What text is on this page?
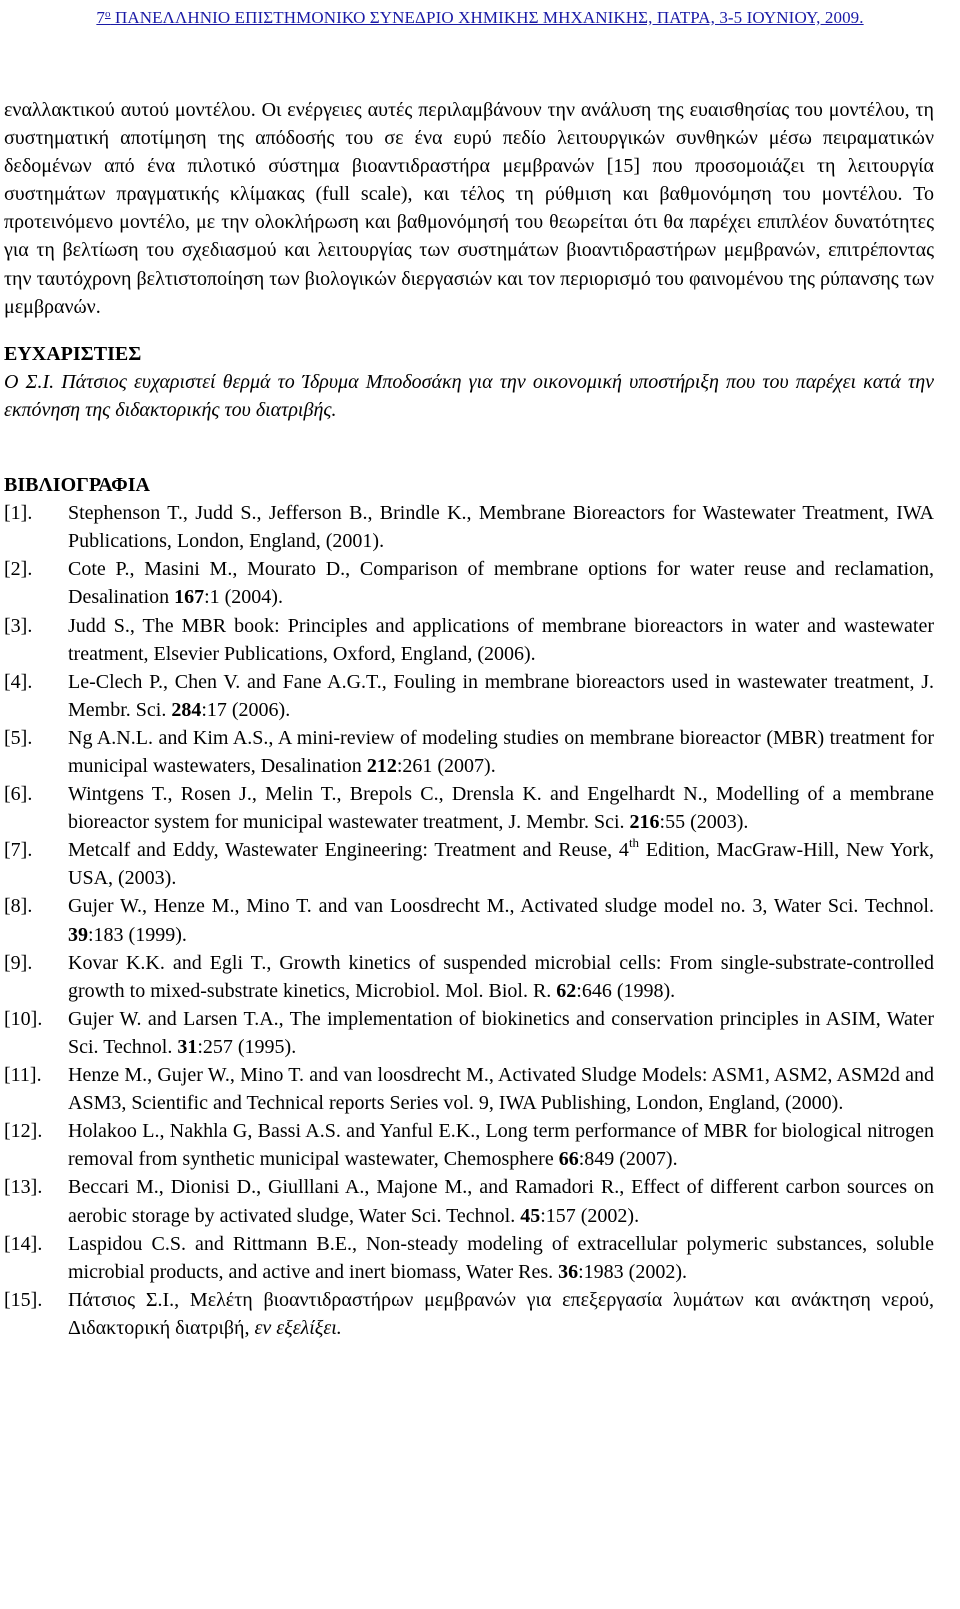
$7^o$ ΠΑΝΕΛΛΗΝΙΟ ΕΠΙΣΤΗΜΟΝΙΚΟ ΣΥΝΕΔΡΙΟ ΧΗΜΙΚΗΣ ΜΗΧΑΝΙΚΗΣ, ΠΑΤΡΑ, 3-5 ΙΟΥΝΙΟΥ, 2009.

εναλλακτικού αυτού μοντέλου. Οι ενέργειες αυτές περιλαμβάνουν την ανάλυση της ευαισθησίας του μοντέλου, τη συστηματική αποτίμηση της απόδοσής του σε ένα ευρύ πεδίο λειτουργικών συνθηκών μέσω πειραματικών δεδομένων από ένα πιλοτικό σύστημα βιοαντιδραστήρα μεμβρανών [15] που προσομοιάζει τη λειτουργία συστημάτων πραγματικής κλίμακας (full scale), και τέλος τη ρύθμιση και βαθμονόμηση του μοντέλου. Το προτεινόμενο μοντέλο, με την ολοκλήρωση και βαθμονόμησή του θεωρείται ότι θα παρέχει επιπλέον δυνατότητες για τη βελτίωση του σχεδιασμού και λειτουργίας των συστημάτων βιοαντιδραστήρων μεμβρανών, επιτρέποντας την ταυτόχρονη βελτιστοποίηση των βιολογικών διεργασιών και τον περιορισμό του φαινομένου της ρύπανσης των μεμβρανών.

ΕΥΧΑΡΙΣΤΙΕΣ

Ο Σ.Ι. Πάτσιος ευχαριστεί θερμά το Ίδρυμα Μποδοσάκη για την οικονομική υποστήριξη που του παρέχει κατά την εκπόνηση της διδακτορικής του διατριβής.

ΒΙΒΛΙΟΓΡΑΦΙΑ
[1]. Stephenson T., Judd S., Jefferson B., Brindle K., Membrane Bioreactors for Wastewater Treatment, IWA Publications, London, England, (2001).
[2]. Cote P., Masini M., Mourato D., Comparison of membrane options for water reuse and reclamation, Desalination 167:1 (2004).
[3]. Judd S., The MBR book: Principles and applications of membrane bioreactors in water and wastewater treatment, Elsevier Publications, Oxford, England, (2006).
[4]. Le-Clech P., Chen V. and Fane A.G.T., Fouling in membrane bioreactors used in wastewater treatment, J. Membr. Sci. 284:17 (2006).
[5]. Ng A.N.L. and Kim A.S., A mini-review of modeling studies on membrane bioreactor (MBR) treatment for municipal wastewaters, Desalination 212:261 (2007).
[6]. Wintgens T., Rosen J., Melin T., Brepols C., Drensla K. and Engelhardt N., Modelling of a membrane bioreactor system for municipal wastewater treatment, J. Membr. Sci. 216:55 (2003).
[7]. Metcalf and Eddy, Wastewater Engineering: Treatment and Reuse, 4th Edition, MacGraw-Hill, New York, USA, (2003).
[8]. Gujer W., Henze M., Mino T. and van Loosdrecht M., Activated sludge model no. 3, Water Sci. Technol. 39:183 (1999).
[9]. Kovar K.K. and Egli T., Growth kinetics of suspended microbial cells: From single-substrate-controlled growth to mixed-substrate kinetics, Microbiol. Mol. Biol. R. 62:646 (1998).
[10]. Gujer W. and Larsen T.A., The implementation of biokinetics and conservation principles in ASIM, Water Sci. Technol. 31:257 (1995).
[11]. Henze M., Gujer W., Mino T. and van loosdrecht M., Activated Sludge Models: ASM1, ASM2, ASM2d and ASM3, Scientific and Technical reports Series vol. 9, IWA Publishing, London, England, (2000).
[12]. Holakoo L., Nakhla G, Bassi A.S. and Yanful E.K., Long term performance of MBR for biological nitrogen removal from synthetic municipal wastewater, Chemosphere 66:849 (2007).
[13]. Beccari M., Dionisi D., Giulllani A., Majone M., and Ramadori R., Effect of different carbon sources on aerobic storage by activated sludge, Water Sci. Technol. 45:157 (2002).
[14]. Laspidou C.S. and Rittmann B.E., Non-steady modeling of extracellular polymeric substances, soluble microbial products, and active and inert biomass, Water Res. 36:1983 (2002).
[15]. Πάτσιος Σ.Ι., Μελέτη βιοαντιδραστήρων μεμβρανών για επεξεργασία λυμάτων και ανάκτηση νερού, Διδακτορική διατριβή, εν εξελίξει.
